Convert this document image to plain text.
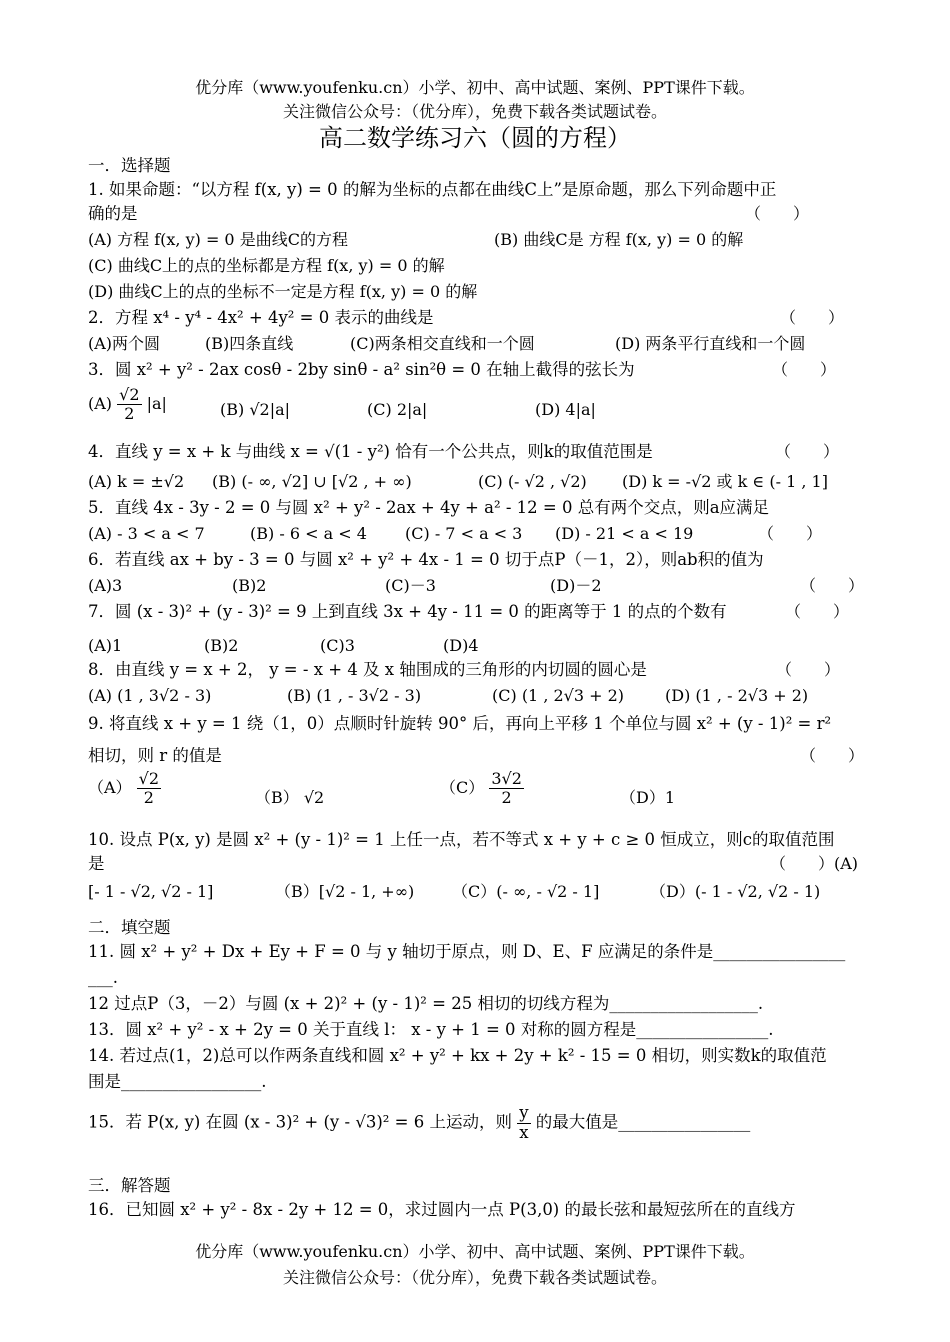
优分库（www.youfenku.cn）小学、初中、高中试题、案例、PPT课件下载。
关注微信公众号：（优分库），免费下载各类试题试卷。
高二数学练习六（圆的方程）
一．选择题
1. 如果命题：“以方程 f(x, y) = 0 的解为坐标的点都在曲线C上”是原命题，那么下列命题中正
确的是	（　　）
(A) 方程 f(x, y) = 0 是曲线C的方程	(B) 曲线C是 方程 f(x, y) = 0 的解
(C) 曲线C上的点的坐标都是方程 f(x, y) = 0 的解
(D) 曲线C上的点的坐标不一定是方程 f(x, y) = 0 的解
2．方程 x⁴ - y⁴ - 4x² + 4y² = 0 表示的曲线是	（　　）
(A)两个圆	(B)四条直线	(C)两条相交直线和一个圆	(D) 两条平行直线和一个圆
3．圆 x² + y² - 2ax cosθ - 2by sinθ - a² sin²θ = 0 在轴上截得的弦长为	（　　）
$(A) \frac{√2}{2} |a|$	(B) √2|a|	(C) 2|a|	(D) 4|a|
4．直线 y = x + k 与曲线 x = √(1 - y²) 恰有一个公共点，则k的取值范围是	（　　）
(A) k = ±√2 (B) (- ∞, √2] ∪ [√2 , + ∞)	(C) (- √2 , √2) (D) k = -√2 或 k ∈ (- 1 , 1]
5．直线 4x - 3y - 2 = 0 与圆 x² + y² - 2ax + 4y + a² - 12 = 0 总有两个交点，则a应满足
(A) - 3 < a < 7	(B) - 6 < a < 4 (C) - 7 < a < 3 (D) - 21 < a < 19	（　　）
6．若直线 ax + by - 3 = 0 与圆 x² + y² + 4x - 1 = 0 切于点P（－1，2），则ab积的值为
(A)3	(B)2	(C)－3	(D)－2	（　　）
7．圆 (x - 3)² + (y - 3)² = 9 上到直线 3x + 4y - 11 = 0 的距离等于 1 的点的个数有	（　　）
(A)1	(B)2	(C)3	(D)4
8．由直线 y = x + 2， y = - x + 4 及 x 轴围成的三角形的内切圆的圆心是	（　　）
(A) (1 , 3√2 - 3)	(B) (1 , - 3√2 - 3)	(C) (1 , 2√3 + 2)	(D) (1 , - 2√3 + 2)
9. 将直线 x + y = 1 绕（1，0）点顺时针旋转 90° 后，再向上平移 1 个单位与圆 x² + (y - 1)² = r²
相切，则 r 的值是	（　　）
$(A) \frac{√2}{2}$	（B） √2
$(C) \frac{3√2}{2}$	（D）1
10. 设点 P(x, y) 是圆 x² + (y - 1)² = 1 上任一点，若不等式 x + y + c ≥ 0 恒成立，则c的取值范围
是	（　　）(A)
[- 1 - √2, √2 - 1]	（B）[√2 - 1, +∞) （C）(- ∞, - √2 - 1]	（D）(- 1 - √2, √2 - 1)
二．填空题
11. 圆 x² + y² + Dx + Ey + F = 0 与 y 轴切于原点，则 D、E、F 应满足的条件是________________
___.
12 过点P（3，－2）与圆 (x + 2)² + (y - 1)² = 25 相切的切线方程为__________________.
13．圆 x² + y² - x + 2y = 0 关于直线 l： x - y + 1 = 0 对称的圆方程是________________.
14. 若过点(1，2)总可以作两条直线和圆 x² + y² + kx + 2y + k² - 15 = 0 相切，则实数k的取值范
围是_________________.
15．若 P(x, y) 在圆 (x - 3)² + (y - √3)² = 6 上运动，则 $\frac{y}{x}$ 的最大值是________________
三．解答题
16．已知圆 x² + y² - 8x - 2y + 12 = 0，求过圆内一点 P(3,0) 的最长弦和最短弦所在的直线方
优分库（www.youfenku.cn）小学、初中、高中试题、案例、PPT课件下载。
关注微信公众号：（优分库），免费下载各类试题试卷。
